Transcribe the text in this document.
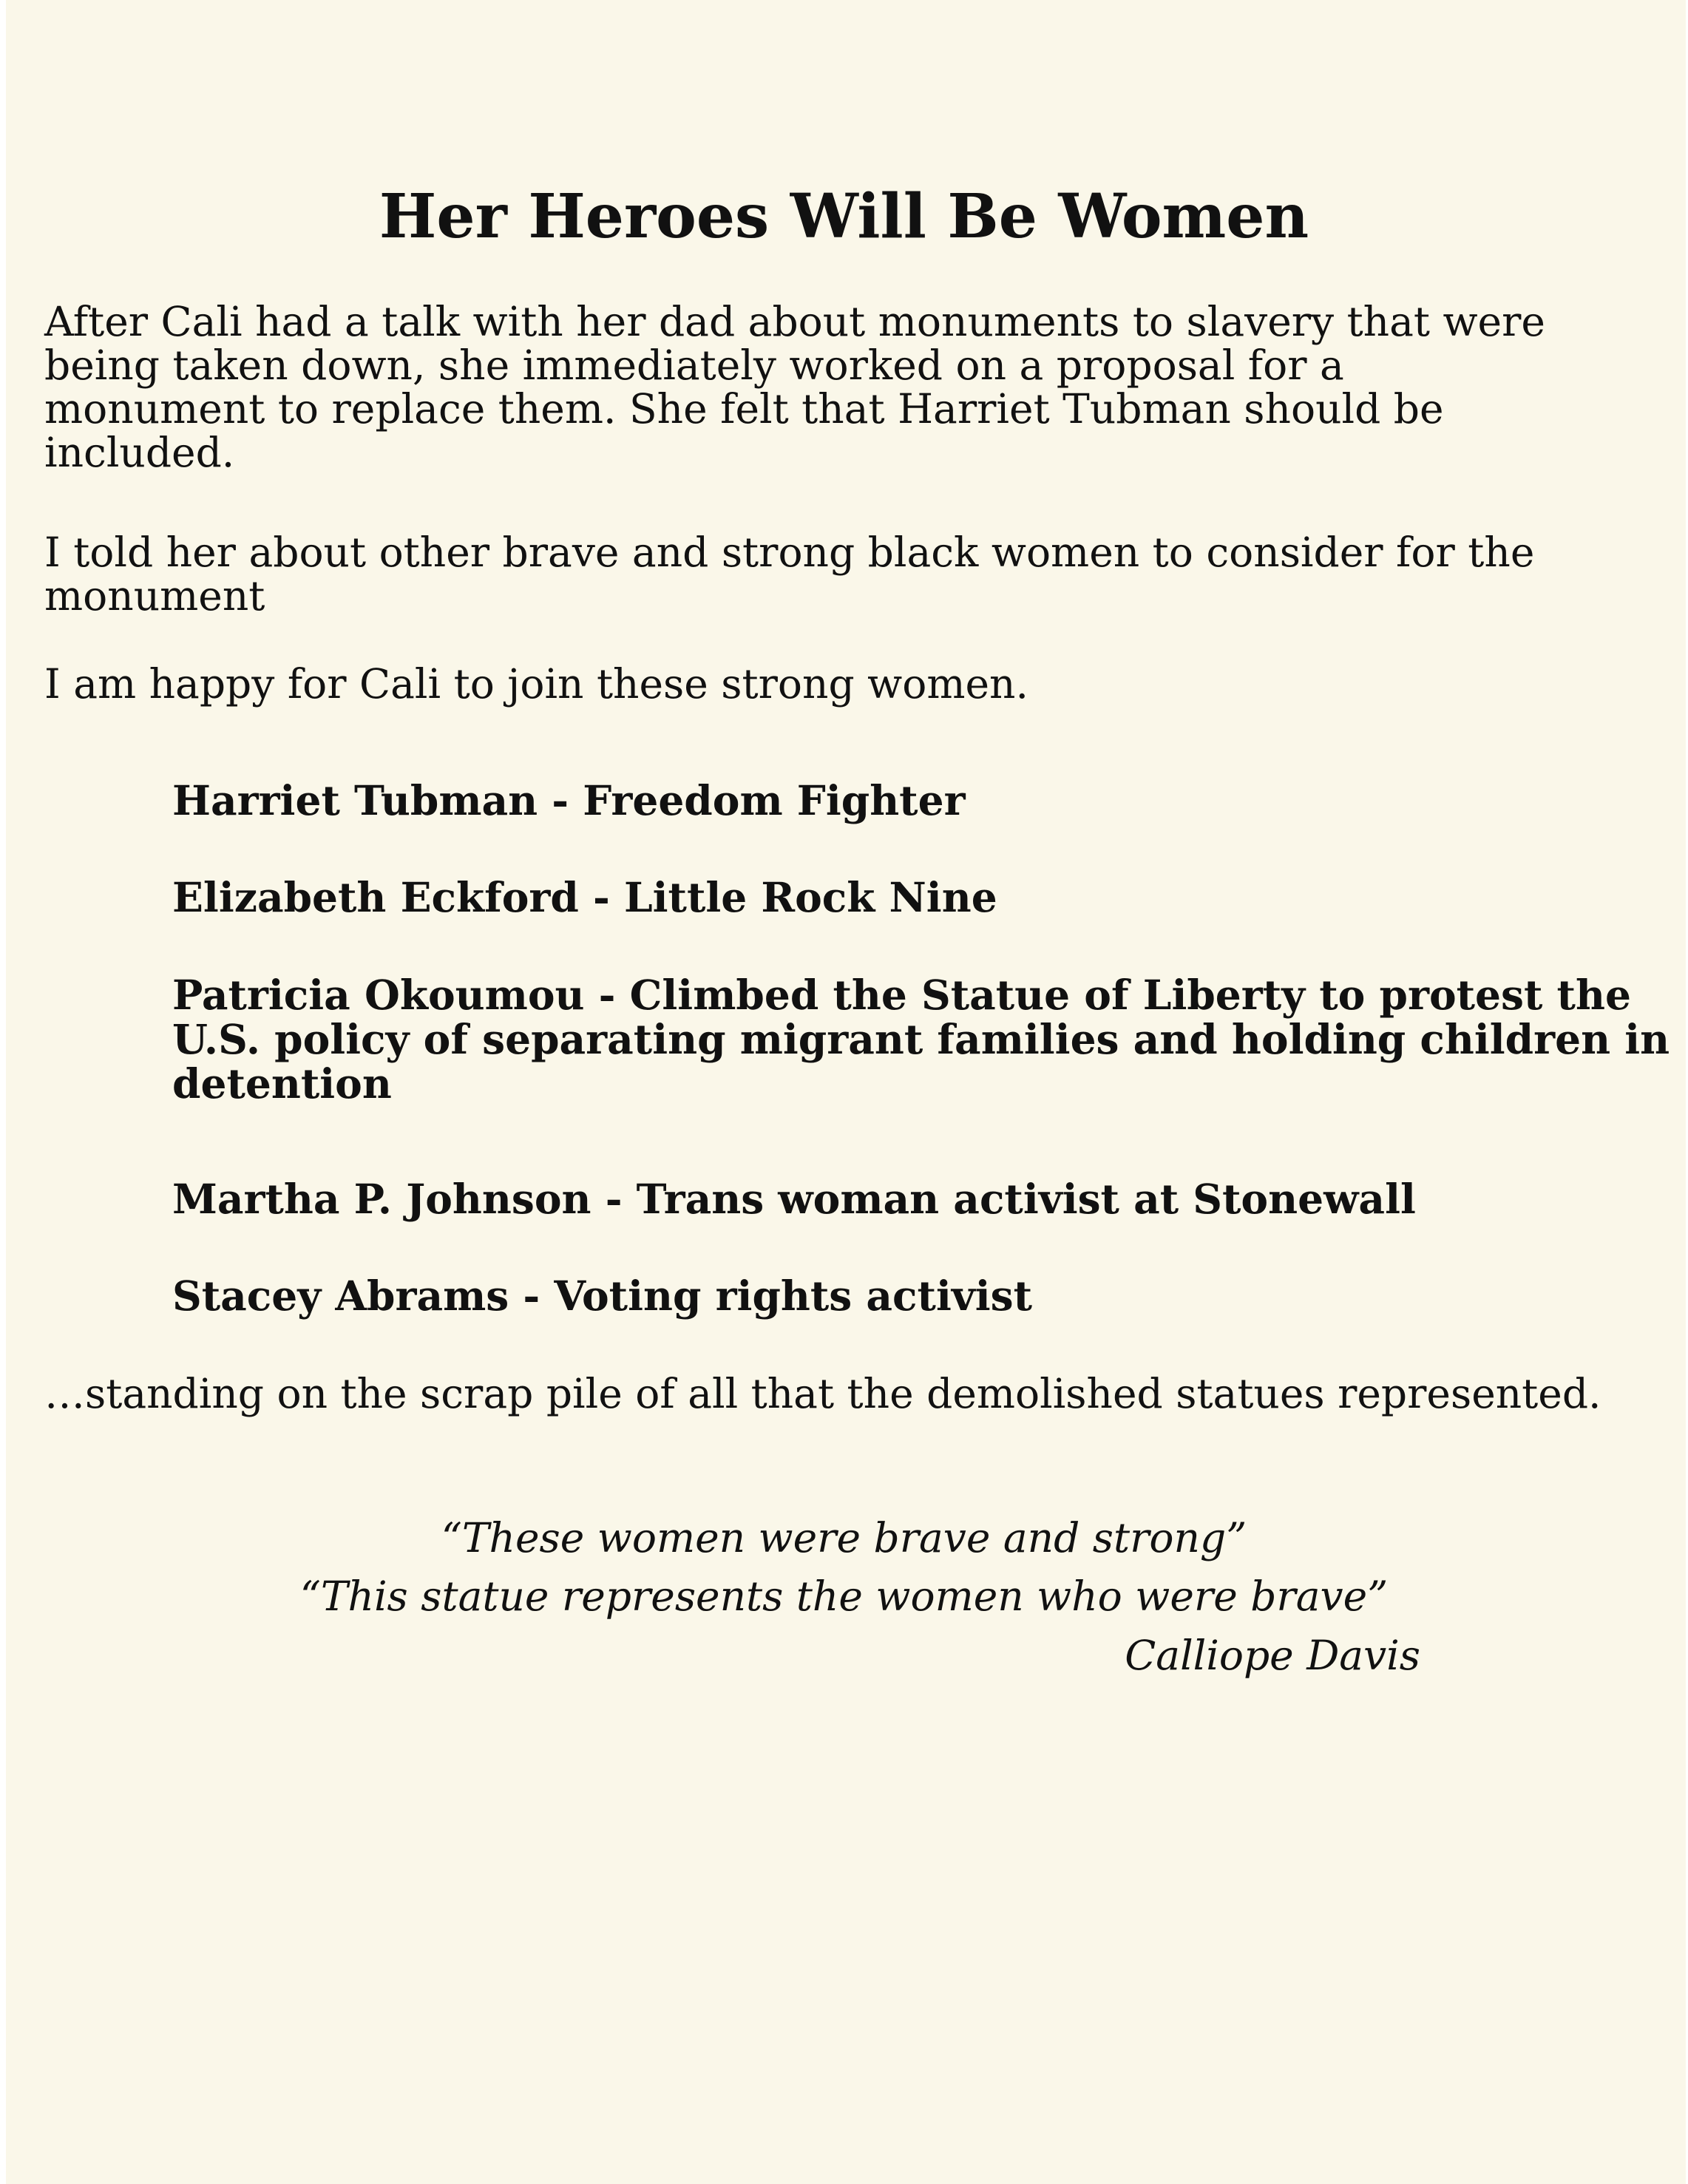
Her Heroes Will Be Women
After Cali had a talk with her dad about monuments to slavery that were
being taken down, she immediately worked on a proposal for a
monument to replace them. She felt that Harriet Tubman should be
included.
I told her about other brave and strong black women to consider for the
monument
I am happy for Cali to join these strong women.
Harriet Tubman - Freedom Fighter
Elizabeth Eckford - Little Rock Nine
Patricia Okoumou - Climbed the Statue of Liberty to protest the
U.S. policy of separating migrant families and holding children in
detention
Martha P. Johnson - Trans woman activist at Stonewall
Stacey Abrams - Voting rights activist
…standing on the scrap pile of all that the demolished statues represented.
“These women were brave and strong”
“This statue represents the women who were brave”
Calliope Davis
